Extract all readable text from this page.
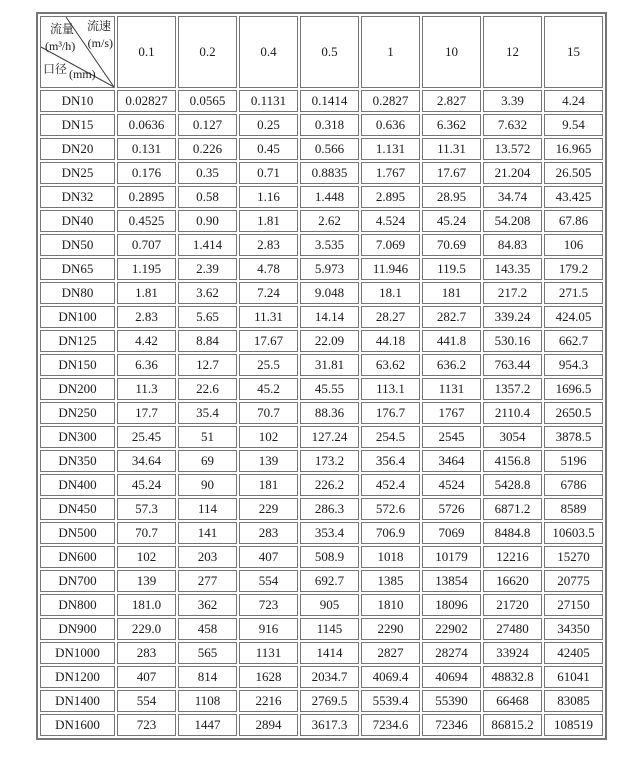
流量
(m³/h)
流速
(m/s)
口径 (mm)
	0.1	0.2	0.4	0.5	1	10	12	15
DN10	0.02827	0.0565	0.1131	0.1414	0.2827	2.827	3.39	4.24
DN15	0.0636	0.127	0.25	0.318	0.636	6.362	7.632	9.54
DN20	0.131	0.226	0.45	0.566	1.131	11.31	13.572	16.965
DN25	0.176	0.35	0.71	0.8835	1.767	17.67	21.204	26.505
DN32	0.2895	0.58	1.16	1.448	2.895	28.95	34.74	43.425
DN40	0.4525	0.90	1.81	2.62	4.524	45.24	54.208	67.86
DN50	0.707	1.414	2.83	3.535	7.069	70.69	84.83	106
DN65	1.195	2.39	4.78	5.973	11.946	119.5	143.35	179.2
DN80	1.81	3.62	7.24	9.048	18.1	181	217.2	271.5
DN100	2.83	5.65	11.31	14.14	28.27	282.7	339.24	424.05
DN125	4.42	8.84	17.67	22.09	44.18	441.8	530.16	662.7
DN150	6.36	12.7	25.5	31.81	63.62	636.2	763.44	954.3
DN200	11.3	22.6	45.2	45.55	113.1	1131	1357.2	1696.5
DN250	17.7	35.4	70.7	88.36	176.7	1767	2110.4	2650.5
DN300	25.45	51	102	127.24	254.5	2545	3054	3878.5
DN350	34.64	69	139	173.2	356.4	3464	4156.8	5196
DN400	45.24	90	181	226.2	452.4	4524	5428.8	6786
DN450	57.3	114	229	286.3	572.6	5726	6871.2	8589
DN500	70.7	141	283	353.4	706.9	7069	8484.8	10603.5
DN600	102	203	407	508.9	1018	10179	12216	15270
DN700	139	277	554	692.7	1385	13854	16620	20775
DN800	181.0	362	723	905	1810	18096	21720	27150
DN900	229.0	458	916	1145	2290	22902	27480	34350
DN1000	283	565	1131	1414	2827	28274	33924	42405
DN1200	407	814	1628	2034.7	4069.4	40694	48832.8	61041
DN1400	554	1108	2216	2769.5	5539.4	55390	66468	83085
DN1600	723	1447	2894	3617.3	7234.6	72346	86815.2	108519
